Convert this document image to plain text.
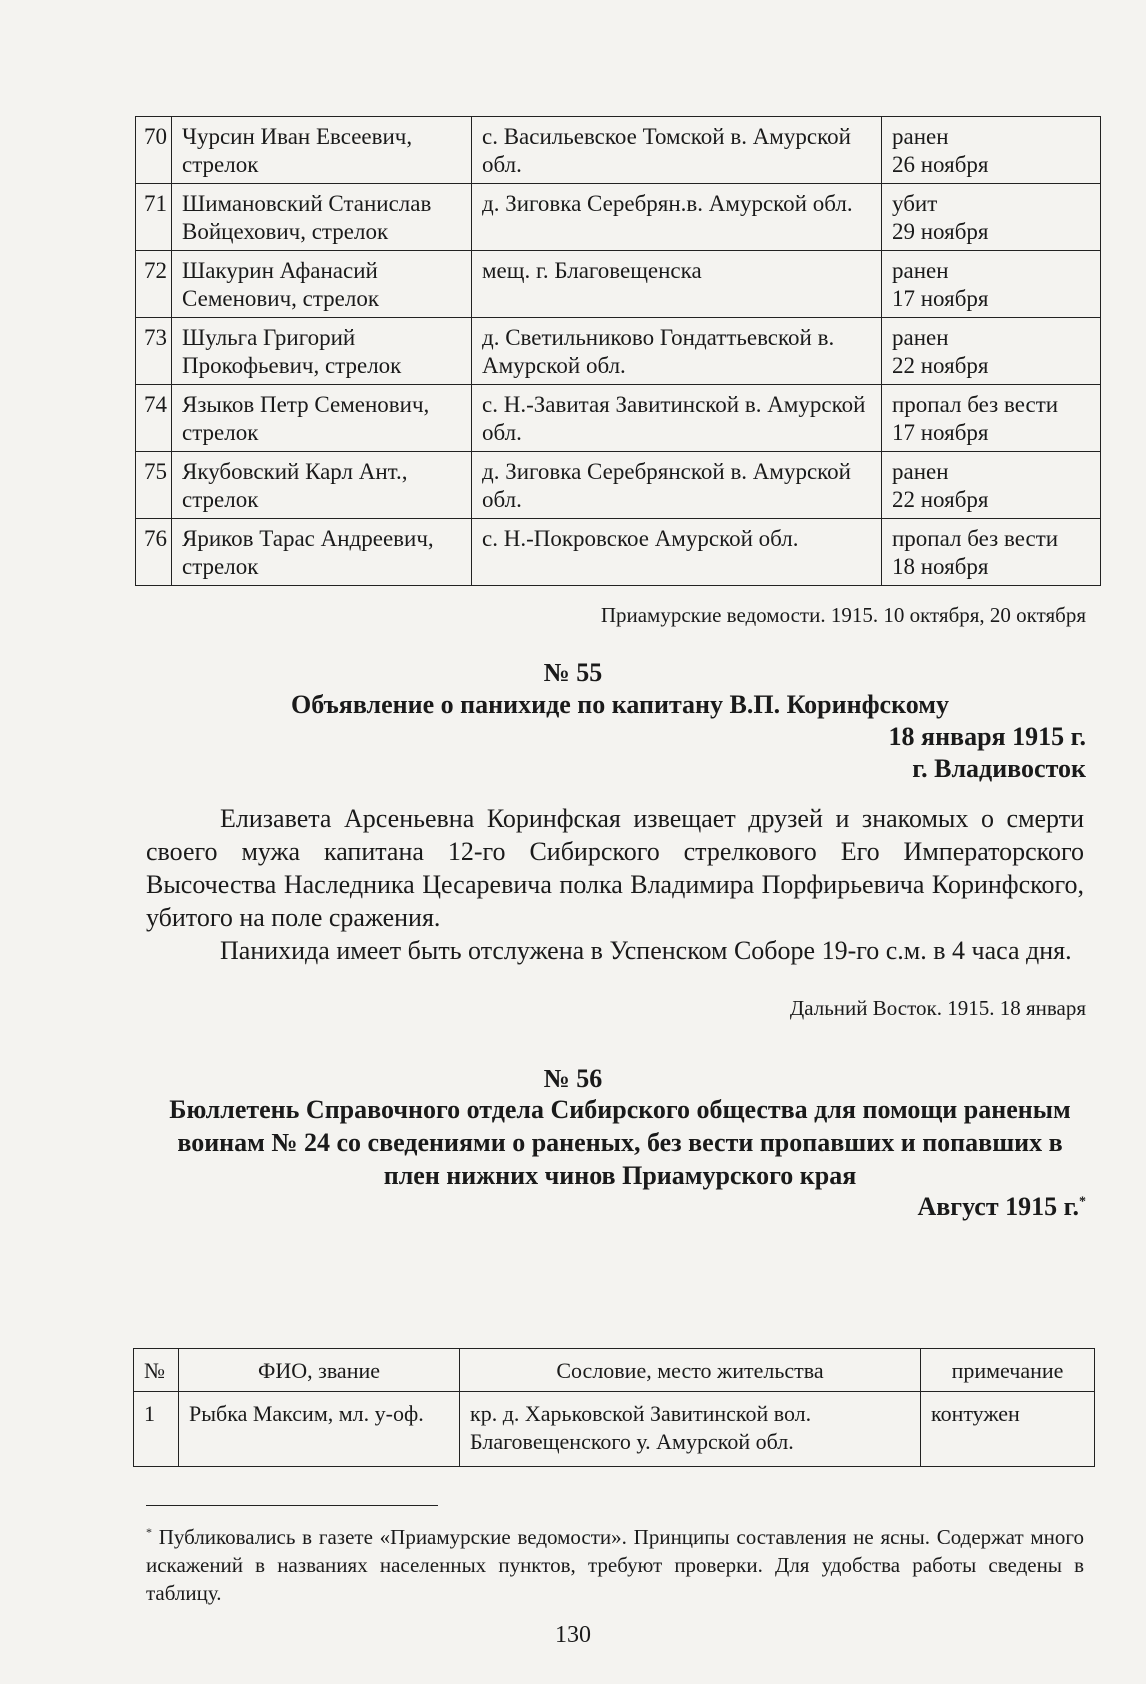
70	Чурсин Иван Евсеевич, стрелок	с. Васильевское Томской в. Амурской обл.	ранен
26 ноября

71	Шимановский Станислав Войцехович, стрелок	д. Зиговка Серебрян.в. Амурской обл.	убит
29 ноября

72	Шакурин Афанасий Семенович, стрелок	мещ. г. Благовещенска	ранен
17 ноября

73	Шульга Григорий Прокофьевич, стрелок	д. Светильниково Гондаттьевской в. Амурской обл.	ранен
22 ноября

74	Языков Петр Семенович, стрелок	с. Н.-Завитая Завитинской в. Амурской обл.	пропал без вести
17 ноября

75	Якубовский Карл Ант., стрелок	д. Зиговка Серебрянской в. Амурской обл.	ранен
22 ноября

76	Яриков Тарас Андреевич, стрелок	с. Н.-Покровское Амурской обл.	пропал без вести
18 ноября
Приамурские ведомости. 1915. 10 октября, 20 октября
№ 55
Объявление о панихиде по капитану В.П. Коринфскому
18 января 1915 г.
г. Владивосток

Елизавета Арсеньевна Коринфская извещает друзей и знакомых о смерти своего мужа капитана 12-го Сибирского стрелкового Его Императорского Высочества Наследника Цесаревича полка Владимира Порфирьевича Коринфского, убитого на поле сражения.

Панихида имеет быть отслужена в Успенском Соборе 19-го с.м. в 4 часа дня.

Дальний Восток. 1915. 18 января
№ 56
Бюллетень Справочного отдела Сибирского общества для помощи раненым воинам № 24 со сведениями о раненых, без вести пропавших и попавших в плен нижних чинов Приамурского края
Август 1915 г.*
№	ФИО, звание	Сословие, место жительства	примечание
1	Рыбка Максим, мл. у-оф.	кр. д. Харьковской Завитинской вол. Благовещенского у. Амурской обл.	контужен

* Публиковались в газете «Приамурские ведомости». Принципы составления не ясны. Содержат много искажений в названиях населенных пунктов, требуют проверки. Для удобства работы сведены в таблицу.

130
